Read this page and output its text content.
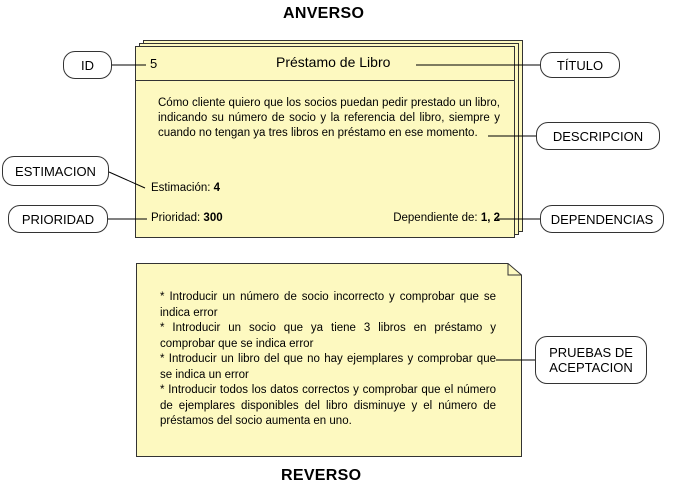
ANVERSO
REVERSO
5	Préstamo de Libro
Cómo cliente quiero que los socios puedan pedir prestado un libro, indicando su número de socio y la referencia del libro, siempre y cuando no tengan ya tres libros en préstamo en ese momento.
Estimación: 4
Prioridad: 300	Dependiente de: 1, 2

* Introducir un número de socio incorrecto y comprobar que se indica error

* Introducir un socio que ya tiene 3 libros en préstamo y comprobar que se indica error

* Introducir un libro del que no hay ejemplares y comprobar que se indica un error

* Introducir todos los datos correctos y comprobar que el número de ejemplares disponibles del libro disminuye y el número de préstamos del socio aumenta en uno.

ID	TÍTULO
DESCRIPCION
ESTIMACION
PRIORIDAD	DEPENDENCIAS
PRUEBAS DE
ACEPTACION
